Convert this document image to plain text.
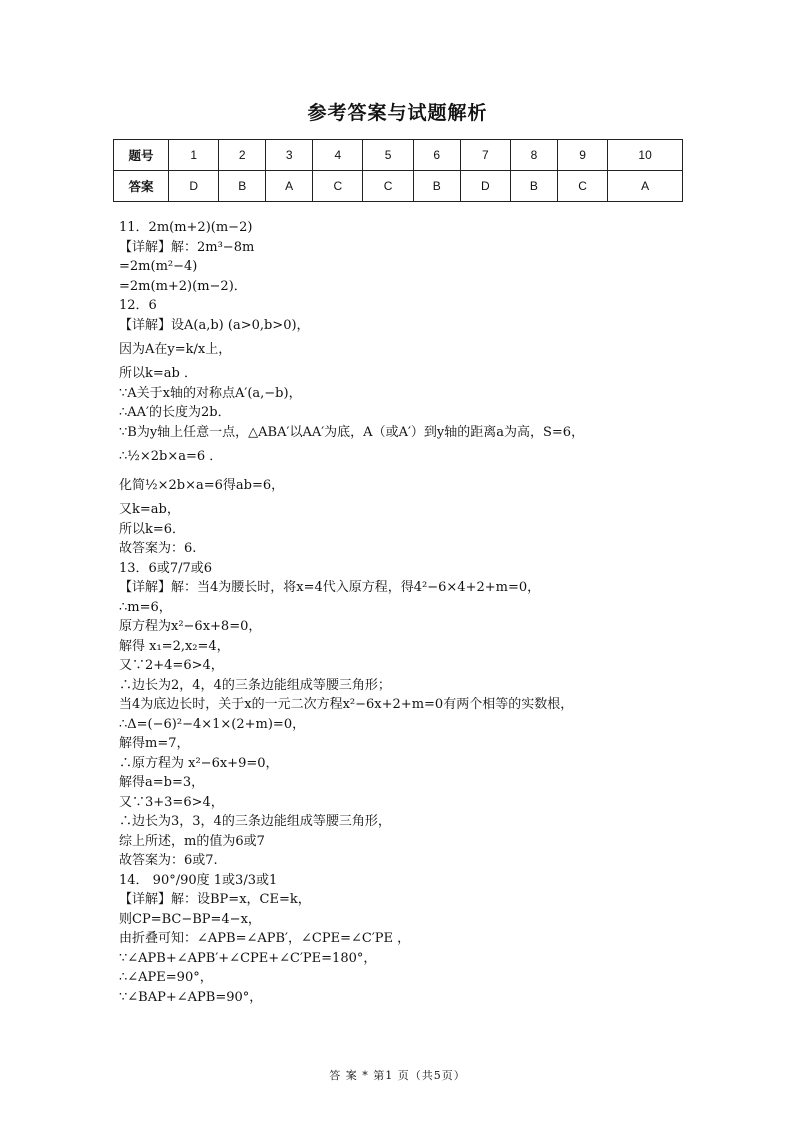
参考答案与试题解析
题号	1	2	3	4	5	6	7	8	9	10
答案	D	B	A	C	C	B	D	B	C	A
11．2m(m+2)(m−2)
【详解】解：2m³−8m
=2m(m²−4)
=2m(m+2)(m−2)．
12．6
【详解】设A(a,b) (a>0,b>0)，
因为A在y=k/x上，
所以k=ab ．
∵A关于x轴的对称点A′(a,−b)，
∴AA′的长度为2b．
∵B为y轴上任意一点，△ABA′以AA′为底，A（或A′）到y轴的距离a为高，S=6，
∴½×2b×a=6 ．
化简½×2b×a=6得ab=6，
又k=ab，
所以k=6．
故答案为：6.
13．6或7/7或6
【详解】解：当4为腰长时，将x=4代入原方程，得4²−6×4+2+m=0，
∴m=6，
原方程为x²−6x+8=0，
解得 x₁=2,x₂=4，
又∵2+4=6>4，
∴边长为2，4，4的三条边能组成等腰三角形；
当4为底边长时，关于x的一元二次方程x²−6x+2+m=0有两个相等的实数根，
∴Δ=(−6)²−4×1×(2+m)=0，
解得m=7，
∴原方程为 x²−6x+9=0，
解得a=b=3，
又∵3+3=6>4，
∴边长为3，3，4的三条边能组成等腰三角形，
综上所述，m的值为6或7
故答案为：6或7.
14． 90°/90度 1或3/3或1
【详解】解：设BP=x，CE=k，
则CP=BC−BP=4−x，
由折叠可知：∠APB=∠APB′，∠CPE=∠C′PE ，
∵∠APB+∠APB′+∠CPE+∠C′PE=180°，
∴∠APE=90°，
∵∠BAP+∠APB=90°，
答 案 * 第1 页（共5页）
